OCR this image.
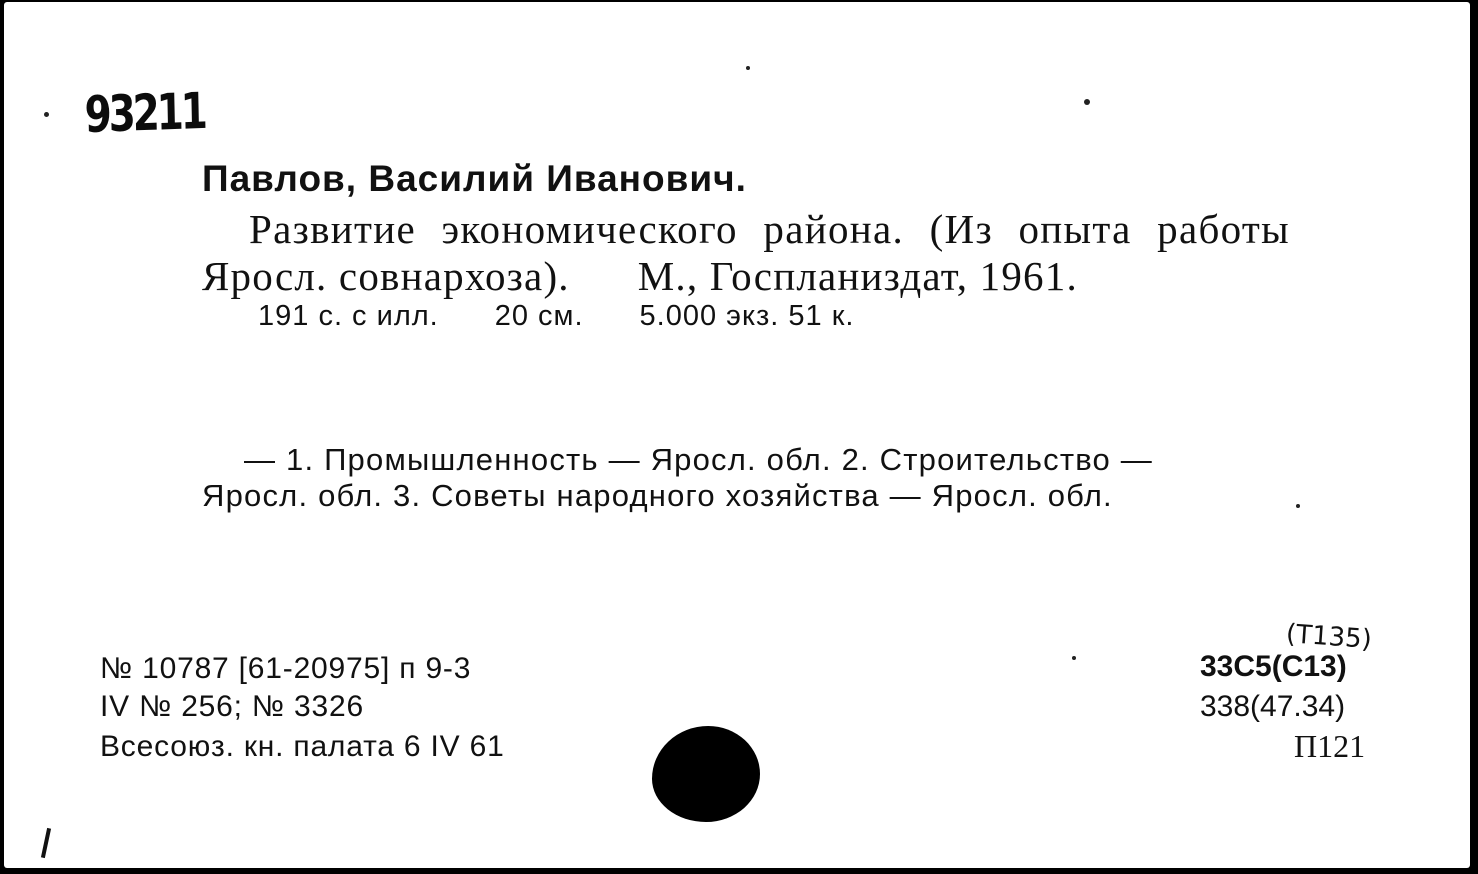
93211
Павлов, Василий Иванович.
Развитие экономического района. (Из опыта работы
Яросл. совнархоза). М., Госпланиздат, 1961.
191 с. с илл. 20 см. 5.000 экз. 51 к.
— 1. Промышленность — Яросл. обл. 2. Строительство —
Яросл. обл. 3. Советы народного хозяйства — Яросл. обл.
№ 10787 [61-20975] п 9-3
IV № 256; № 3326
Всесоюз. кн. палата 6 IV 61
(T135)
33C5(C13)
338(47.34)
П121
